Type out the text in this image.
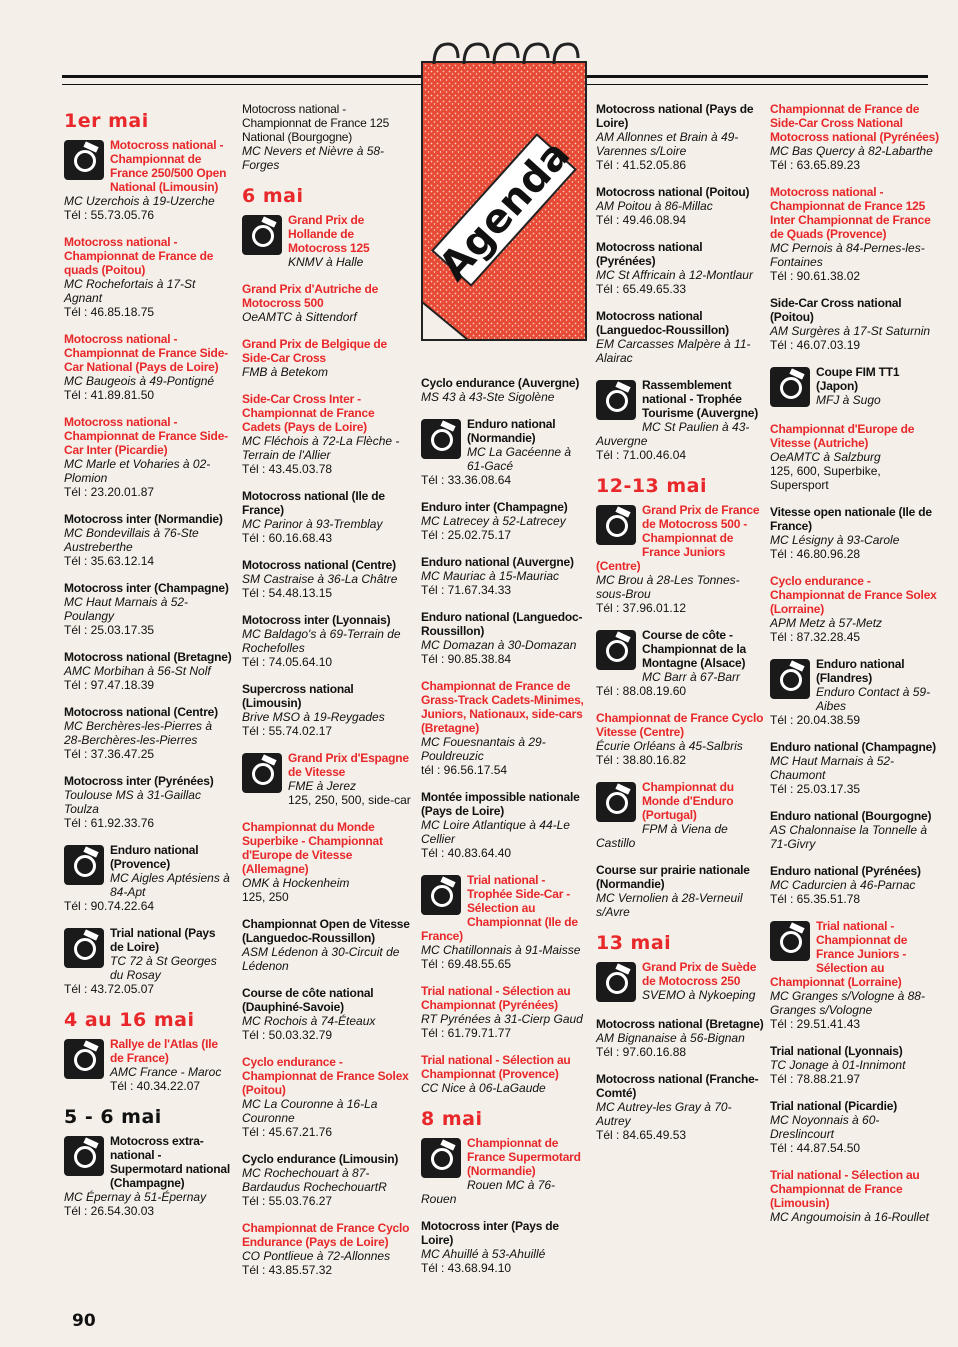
Agenda
1er mai
Motocross national - Championnat de France 250/500 Open National (Limousin)
MC Uzerchois à 19-Uzerche
Tél : 55.73.05.76
Motocross national - Championnat de France de quads (Poitou)
MC Rochefortais à 17-St Agnant
Tél : 46.85.18.75
Motocross national - Championnat de France Side-Car National (Pays de Loire)
MC Baugeois à 49-Pontigné
Tél : 41.89.81.50
Motocross national - Championnat de France Side-Car Inter (Picardie)
MC Marle et Voharies à 02-Plomion
Tél : 23.20.01.87
Motocross inter (Normandie)
MC Bondevillais à 76-Ste Austreberthe
Tél : 35.63.12.14
Motocross inter (Champagne)
MC Haut Marnais à 52-Poulangy
Tél : 25.03.17.35
Motocross national (Bretagne)
AMC Morbihan à 56-St Nolf
Tél : 97.47.18.39
Motocross national (Centre)
MC Berchères-les-Pierres à 28-Berchères-les-Pierres
Tél : 37.36.47.25
Motocross inter (Pyrénées)
Toulouse MS à 31-Gaillac Toulza
Tél : 61.92.33.76
Enduro national (Provence)
MC Aigles Aptésiens à 84-Apt
Tél : 90.74.22.64
Trial national (Pays de Loire)
TC 72 à St Georges du Rosay
Tél : 43.72.05.07
4 au 16 mai
Rallye de l'Atlas (Ile de France)
AMC France - Maroc
Tél : 40.34.22.07
5 - 6 mai
Motocross extra-national - Supermotard national (Champagne)
MC Épernay à 51-Épernay
Tél : 26.54.30.03
Motocross national - Championnat de France 125 National (Bourgogne)
MC Nevers et Nièvre à 58-Forges
6 mai
Grand Prix de Hollande de Motocross 125
KNMV à Halle
Grand Prix d'Autriche de Motocross 500
OeAMTC à Sittendorf
Grand Prix de Belgique de Side-Car Cross
FMB à Betekom
Side-Car Cross Inter - Championnat de France Cadets (Pays de Loire)
MC Fléchois à 72-La Flèche - Terrain de l'Allier
Tél : 43.45.03.78
Motocross national (Ile de France)
MC Parinor à 93-Tremblay
Tél : 60.16.68.43
Motocross national (Centre)
SM Castraise à 36-La Châtre
Tél : 54.48.13.15
Motocross inter (Lyonnais)
MC Baldago's à 69-Terrain de Rochefolles
Tél : 74.05.64.10
Supercross national (Limousin)
Brive MSO à 19-Reygades
Tél : 55.74.02.17
Grand Prix d'Espagne de Vitesse
FME à Jerez
125, 250, 500, side-car
Championnat du Monde Superbike - Championnat d'Europe de Vitesse (Allemagne)
OMK à Hockenheim
125, 250
Championnat Open de Vitesse (Languedoc-Roussillon)
ASM Lédenon à 30-Circuit de Lédenon
Course de côte national (Dauphiné-Savoie)
MC Rochois à 74-Éteaux
Tél : 50.03.32.79
Cyclo endurance - Championnat de France Solex (Poitou)
MC La Couronne à 16-La Couronne
Tél : 45.67.21.76
Cyclo endurance (Limousin)
MC Rochechouart à 87-Bardaudus RochechouartR
Tél : 55.03.76.27
Championnat de France Cyclo Endurance (Pays de Loire)
CO Pontlieue à 72-Allonnes
Tél : 43.85.57.32
Cyclo endurance (Auvergne)
MS 43 à 43-Ste Sigolène
Enduro national (Normandie)
MC La Gacéenne à 61-Gacé
Tél : 33.36.08.64
Enduro inter (Champagne)
MC Latrecey à 52-Latrecey
Tél : 25.02.75.17
Enduro national (Auvergne)
MC Mauriac à 15-Mauriac
Tél : 71.67.34.33
Enduro national (Languedoc-Roussillon)
MC Domazan à 30-Domazan
Tél : 90.85.38.84
Championnat de France de Grass-Track Cadets-Minimes, Juniors, Nationaux, side-cars (Bretagne)
MC Fouesnantais à 29-Pouldreuzic
tél : 96.56.17.54
Montée impossible nationale (Pays de Loire)
MC Loire Atlantique à 44-Le Cellier
Tél : 40.83.64.40
Trial national - Trophée Side-Car - Sélection au Championnat (Ile de France)
MC Chatillonnais à 91-Maisse
Tél : 69.48.55.65
Trial national - Sélection au Championnat (Pyrénées)
RT Pyrénées à 31-Cierp Gaud
Tél : 61.79.71.77
Trial national - Sélection au Championnat (Provence)
CC Nice à 06-LaGaude
8 mai
Championnat de France Supermotard (Normandie)
Rouen MC à 76-Rouen
Motocross inter (Pays de Loire)
MC Ahuillé à 53-Ahuillé
Tél : 43.68.94.10
Motocross national (Pays de Loire)
AM Allonnes et Brain à 49-Varennes s/Loire
Tél : 41.52.05.86
Motocross national (Poitou)
AM Poitou à 86-Millac
Tél : 49.46.08.94
Motocross national (Pyrénées)
MC St Affricain à 12-Montlaur
Tél : 65.49.65.33
Motocross national (Languedoc-Roussillon)
EM Carcasses Malpère à 11-Alairac
Rassemblement national - Trophée Tourisme (Auvergne)
MC St Paulien à 43-Auvergne
Tél : 71.00.46.04
12-13 mai
Grand Prix de France de Motocross 500 - Championnat de France Juniors (Centre)
MC Brou à 28-Les Tonnes-sous-Brou
Tél : 37.96.01.12
Course de côte - Championnat de la Montagne (Alsace)
MC Barr à 67-Barr
Tél : 88.08.19.60
Championnat de France Cyclo Vitesse (Centre)
Écurie Orléans à 45-Salbris
Tél : 38.80.16.82
Championnat du Monde d'Enduro (Portugal)
FPM à Viena de Castillo
Course sur prairie nationale (Normandie)
MC Vernolien à 28-Verneuil s/Avre
13 mai
Grand Prix de Suède de Motocross 250
SVEMO à Nykoeping
Motocross national (Bretagne)
AM Bignanaise à 56-Bignan
Tél : 97.60.16.88
Motocross national (Franche-Comté)
MC Autrey-les Gray à 70-Autrey
Tél : 84.65.49.53
Championnat de France de Side-Car Cross National Motocross national (Pyrénées)
MC Bas Quercy à 82-Labarthe
Tél : 63.65.89.23
Motocross national - Championnat de France 125 Inter Championnat de France de Quads (Provence)
MC Pernois à 84-Pernes-les-Fontaines
Tél : 90.61.38.02
Side-Car Cross national (Poitou)
AM Surgères à 17-St Saturnin
Tél : 46.07.03.19
Coupe FIM TT1 (Japon)
MFJ à Sugo
Championnat d'Europe de Vitesse (Autriche)
OeAMTC à Salzburg
125, 600, Superbike, Supersport
Vitesse open nationale (Ile de France)
MC Lésigny à 93-Carole
Tél : 46.80.96.28
Cyclo endurance - Championnat de France Solex (Lorraine)
APM Metz à 57-Metz
Tél : 87.32.28.45
Enduro national (Flandres)
Enduro Contact à 59-Aibes
Tél : 20.04.38.59
Enduro national (Champagne)
MC Haut Marnais à 52-Chaumont
Tél : 25.03.17.35
Enduro national (Bourgogne)
AS Chalonnaise la Tonnelle à 71-Givry
Enduro national (Pyrénées)
MC Cadurcien à 46-Parnac
Tél : 65.35.51.78
Trial national - Championnat de France Juniors - Sélection au Championnat (Lorraine)
MC Granges s/Vologne à 88-Granges s/Vologne
Tél : 29.51.41.43
Trial national (Lyonnais)
TC Jonage à 01-Innimont
Tél : 78.88.21.97
Trial national (Picardie)
MC Noyonnais à 60-Dreslincourt
Tél : 44.87.54.50
Trial national - Sélection au Championnat de France (Limousin)
MC Angoumoisin à 16-Roullet
90
